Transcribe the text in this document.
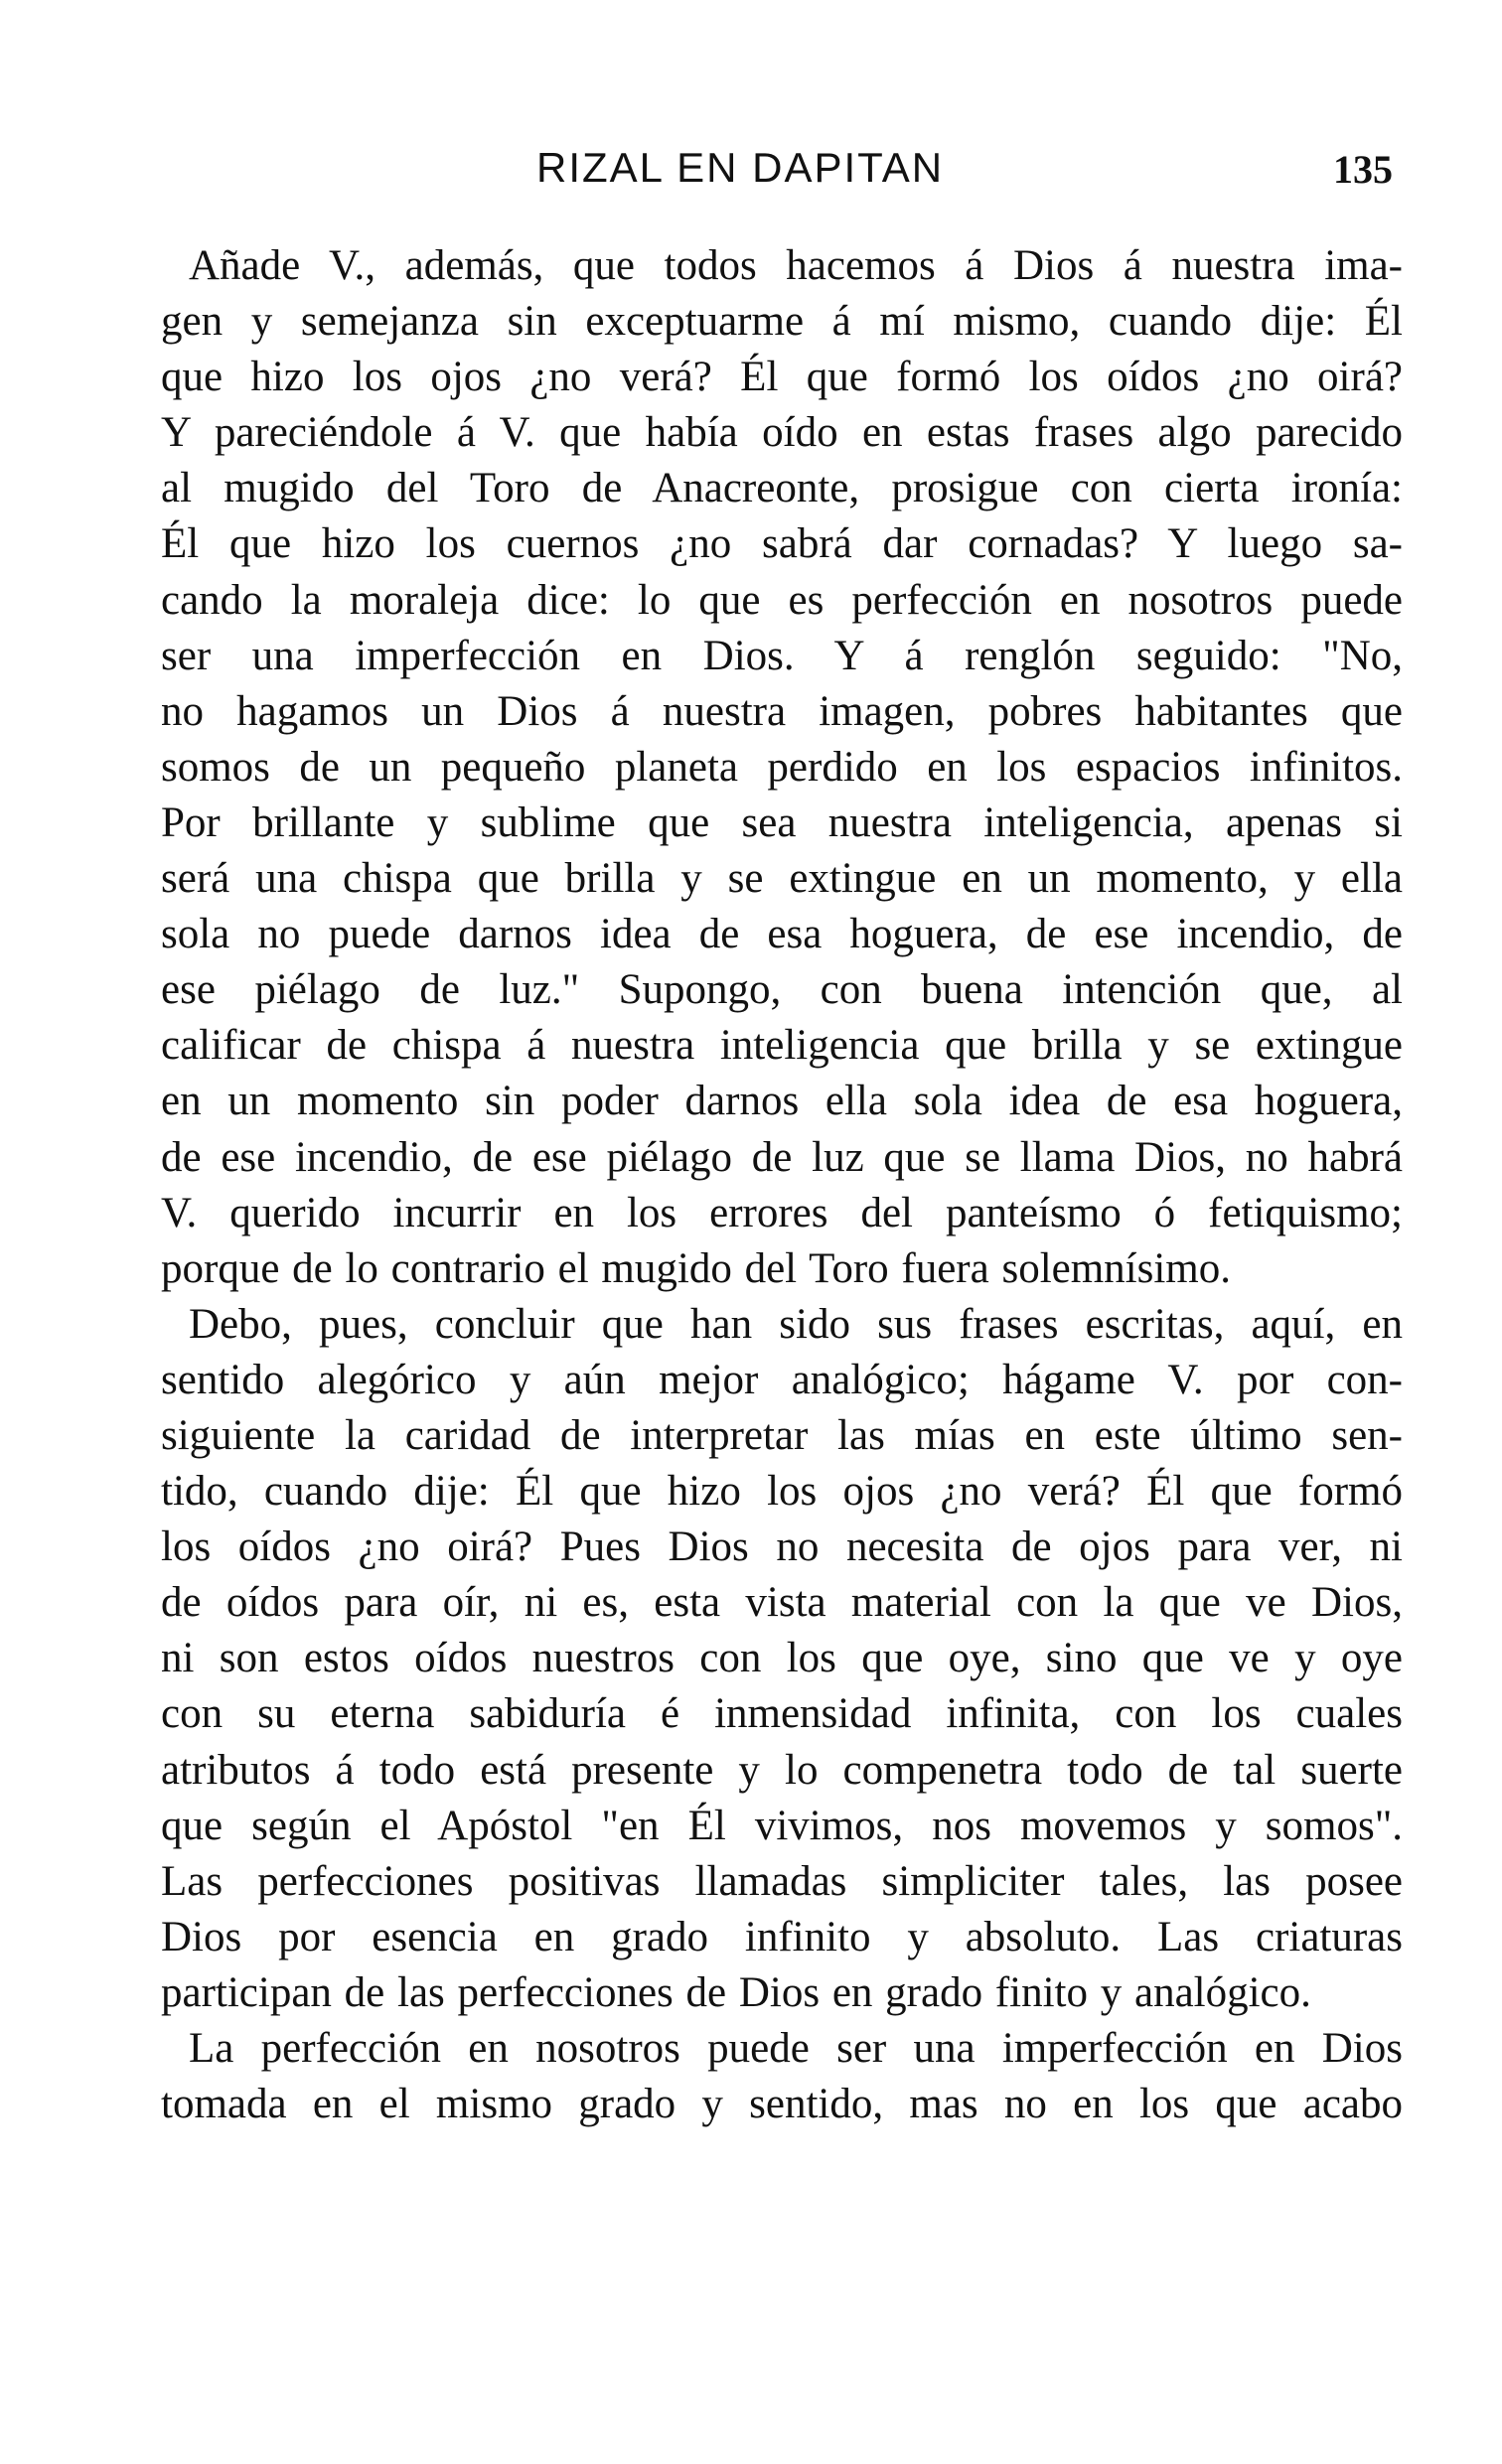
RIZAL EN DAPITAN	135
Añade V., además, que todos hacemos á Dios á nuestra ima-
gen y semejanza sin exceptuarme á mí mismo, cuando dije: Él
que hizo los ojos ¿no verá? Él que formó los oídos ¿no oirá?
Y pareciéndole á V. que había oído en estas frases algo parecido
al mugido del Toro de Anacreonte, prosigue con cierta ironía:
Él que hizo los cuernos ¿no sabrá dar cornadas? Y luego sa-
cando la moraleja dice: lo que es perfección en nosotros puede
ser una imperfección en Dios. Y á renglón seguido: "No,
no hagamos un Dios á nuestra imagen, pobres habitantes que
somos de un pequeño planeta perdido en los espacios infinitos.
Por brillante y sublime que sea nuestra inteligencia, apenas si
será una chispa que brilla y se extingue en un momento, y ella
sola no puede darnos idea de esa hoguera, de ese incendio, de
ese piélago de luz." Supongo, con buena intención que, al
calificar de chispa á nuestra inteligencia que brilla y se extingue
en un momento sin poder darnos ella sola idea de esa hoguera,
de ese incendio, de ese piélago de luz que se llama Dios, no habrá
V. querido incurrir en los errores del panteísmo ó fetiquismo;
porque de lo contrario el mugido del Toro fuera solemnísimo.
Debo, pues, concluir que han sido sus frases escritas, aquí, en
sentido alegórico y aún mejor analógico; hágame V. por con-
siguiente la caridad de interpretar las mías en este último sen-
tido, cuando dije: Él que hizo los ojos ¿no verá? Él que formó
los oídos ¿no oirá? Pues Dios no necesita de ojos para ver, ni
de oídos para oír, ni es, esta vista material con la que ve Dios,
ni son estos oídos nuestros con los que oye, sino que ve y oye
con su eterna sabiduría é inmensidad infinita, con los cuales
atributos á todo está presente y lo compenetra todo de tal suerte
que según el Apóstol "en Él vivimos, nos movemos y somos".
Las perfecciones positivas llamadas simpliciter tales, las posee
Dios por esencia en grado infinito y absoluto. Las criaturas
participan de las perfecciones de Dios en grado finito y analógico.
La perfección en nosotros puede ser una imperfección en Dios
tomada en el mismo grado y sentido, mas no en los que acabo
